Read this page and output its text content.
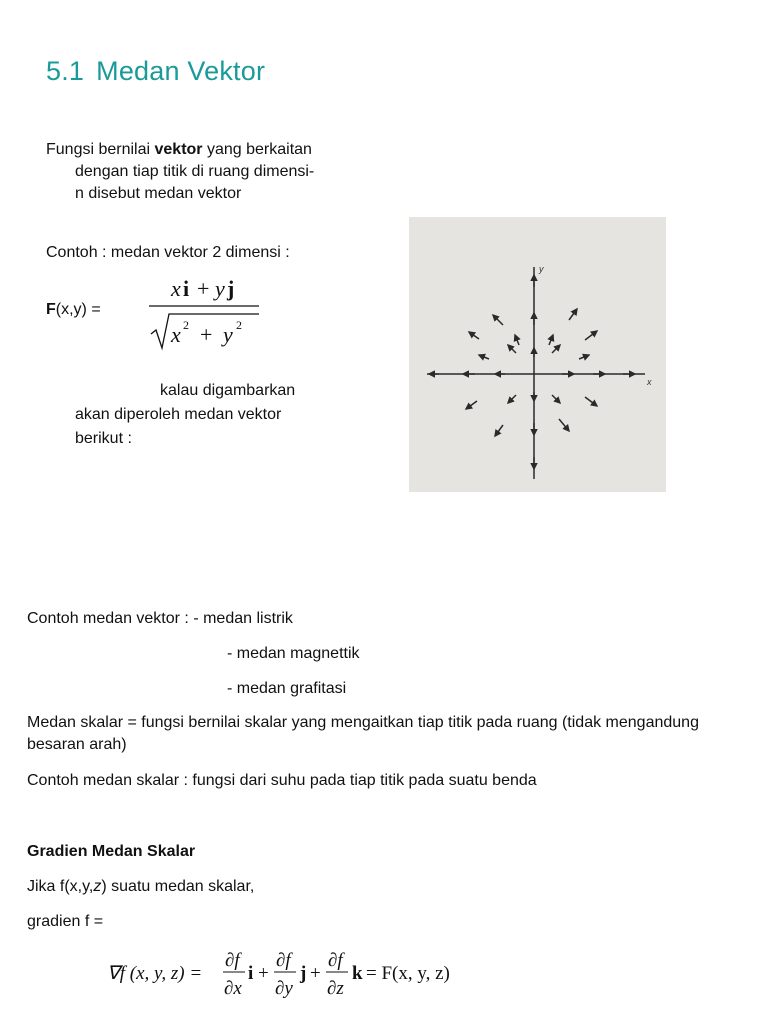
5.1 Medan Vektor
Fungsi bernilai vektor yang berkaitan
dengan tiap titik di ruang dimensi-
n disebut medan vektor
Contoh : medan vektor 2 dimensi :
F(x,y) =
x i + y j
x 2 + y 2
kalau digambarkan
akan diperoleh medan vektor
berikut :
x
y
Contoh medan vektor : - medan listrik
- medan magnettik
- medan grafitasi
Medan skalar = fungsi bernilai skalar yang mengaitkan tiap titik pada ruang (tidak mengandung besaran arah)
Contoh medan skalar : fungsi dari suhu pada tiap titik pada suatu benda
Gradien Medan Skalar
Jika f(x,y,z) suatu medan skalar,
gradien f =
∇f (x, y, z) =
∂f
∂x
i +
∂f
∂y
j +
∂f
∂z
k = F(x, y, z)
